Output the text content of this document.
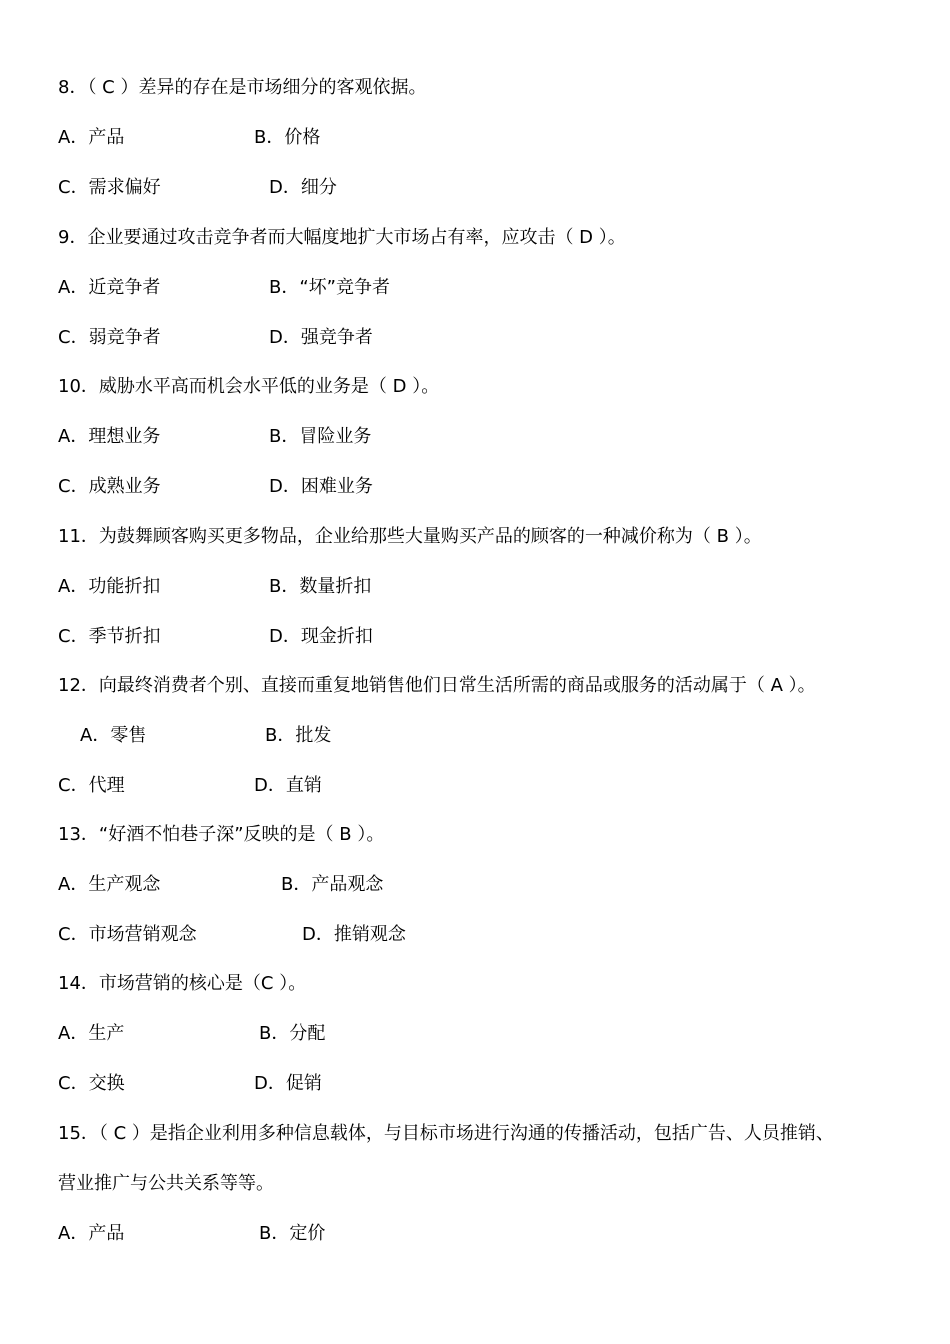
8．（ C ）差异的存在是市场细分的客观依据。
A．产品	B．价格
C．需求偏好	D．细分
9．企业要通过攻击竞争者而大幅度地扩大市场占有率，应攻击（ D ）。
A．近竞争者	B．“坏”竞争者
C．弱竞争者	D．强竞争者
10．威胁水平高而机会水平低的业务是（ D ）。
A．理想业务	B．冒险业务
C．成熟业务	D．困难业务
11．为鼓舞顾客购买更多物品，企业给那些大量购买产品的顾客的一种减价称为（ B ）。
A．功能折扣	B．数量折扣
C．季节折扣	D．现金折扣
12．向最终消费者个别、直接而重复地销售他们日常生活所需的商品或服务的活动属于（ A ）。
A．零售	B．批发
C．代理	D．直销
13．“好酒不怕巷子深”反映的是（ B ）。
A．生产观念	B．产品观念
C．市场营销观念	D．推销观念
14．市场营销的核心是（C ）。
A．生产	B．分配
C．交换	D．促销
15．（ C ）是指企业利用多种信息载体，与目标市场进行沟通的传播活动，包括广告、人员推销、
营业推广与公共关系等等。
A．产品	B．定价
